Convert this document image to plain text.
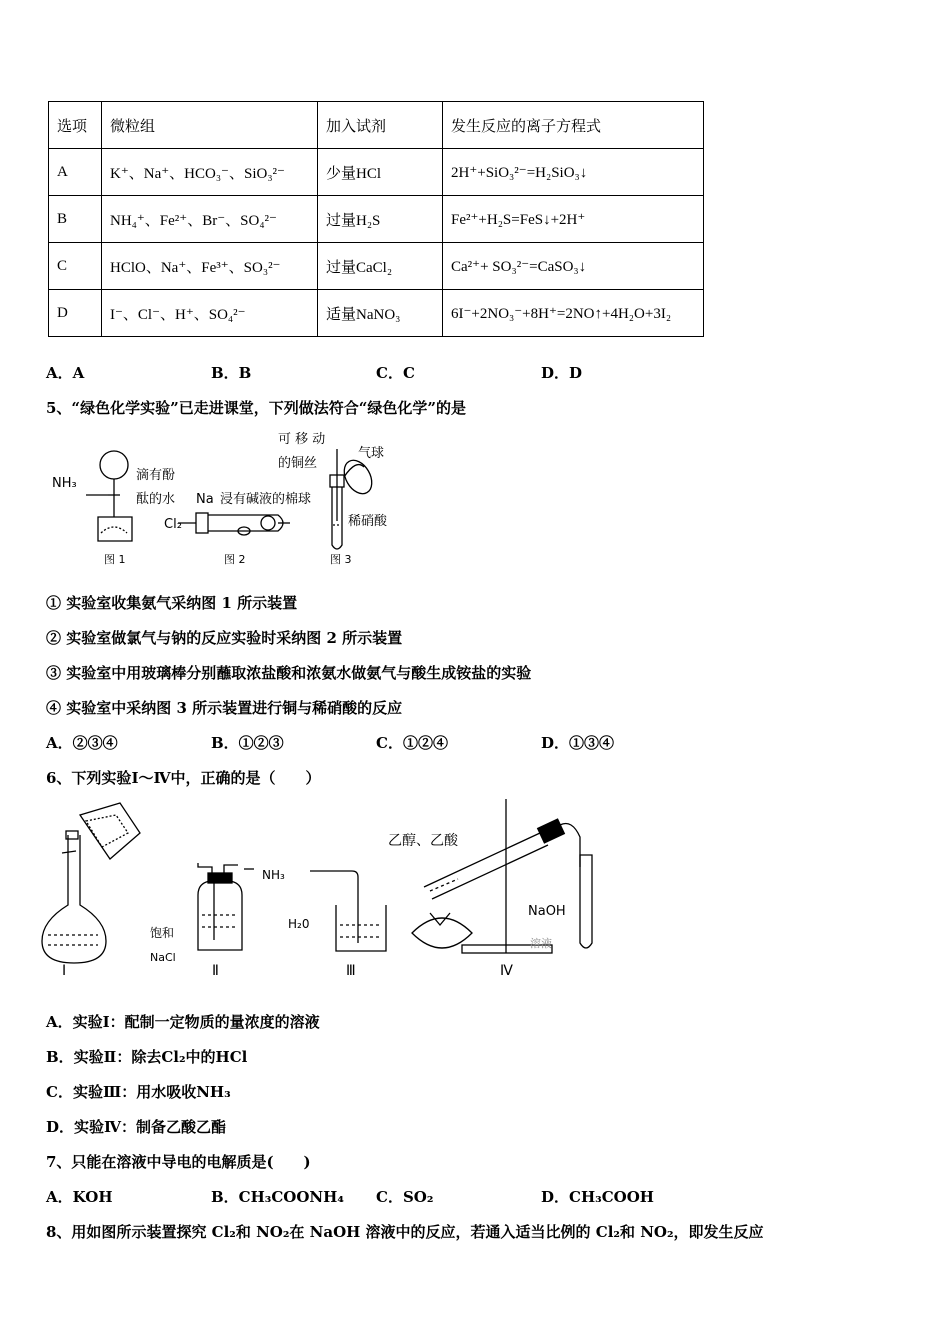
选项	微粒组	加入试剂	发生反应的离子方程式
A	K⁺、Na⁺、HCO₃⁻、SiO₃²⁻	少量HCl	2H⁺+SiO₃²⁻=H₂SiO₃↓
B	NH₄⁺、Fe²⁺、Br⁻、SO₄²⁻	过量H₂S	Fe²⁺+H₂S=FeS↓+2H⁺
C	HClO、Na⁺、Fe³⁺、SO₃²⁻	过量CaCl₂	Ca²⁺+ SO₃²⁻=CaSO₃↓
D	I⁻、Cl⁻、H⁺、SO₄²⁻	适量NaNO₃	6I⁻+2NO₃⁻+8H⁺=2NO↑+4H₂O+3I₂
A．A	B．B	C．C	D．D
5、“绿色化学实验”已走进课堂，下列做法符合“绿色化学”的是
NH₃
滴有酚
酞的水
图 1
Cl₂
Na 浸有碱液的棉球
图 2
可 移 动
的铜丝
气球
稀硝酸
图 3
① 实验室收集氨气采纳图 1 所示装置
② 实验室做氯气与钠的反应实验时采纳图 2 所示装置
③ 实验室中用玻璃棒分别蘸取浓盐酸和浓氨水做氨气与酸生成铵盐的实验
④ 实验室中采纳图 3 所示装置进行铜与稀硝酸的反应
A．②③④	B．①②③	C．①②④	D．①③④
6、下列实验Ⅰ～Ⅳ中，正确的是（　　）
Ⅰ
NH₃
饱和
NaCl
Ⅱ
H₂0
Ⅲ
乙醇、乙酸
NaOH
溶液
Ⅳ
A．实验Ⅰ：配制一定物质的量浓度的溶液
B．实验Ⅱ：除去Cl₂中的HCl
C．实验Ⅲ：用水吸收NH₃
D．实验Ⅳ：制备乙酸乙酯
7、只能在溶液中导电的电解质是(　　)
A．KOH	B．CH₃COONH₄ C．SO₂	D．CH₃COOH
8、用如图所示装置探究 Cl₂和 NO₂在 NaOH 溶液中的反应，若通入适当比例的 Cl₂和 NO₂，即发生反应
